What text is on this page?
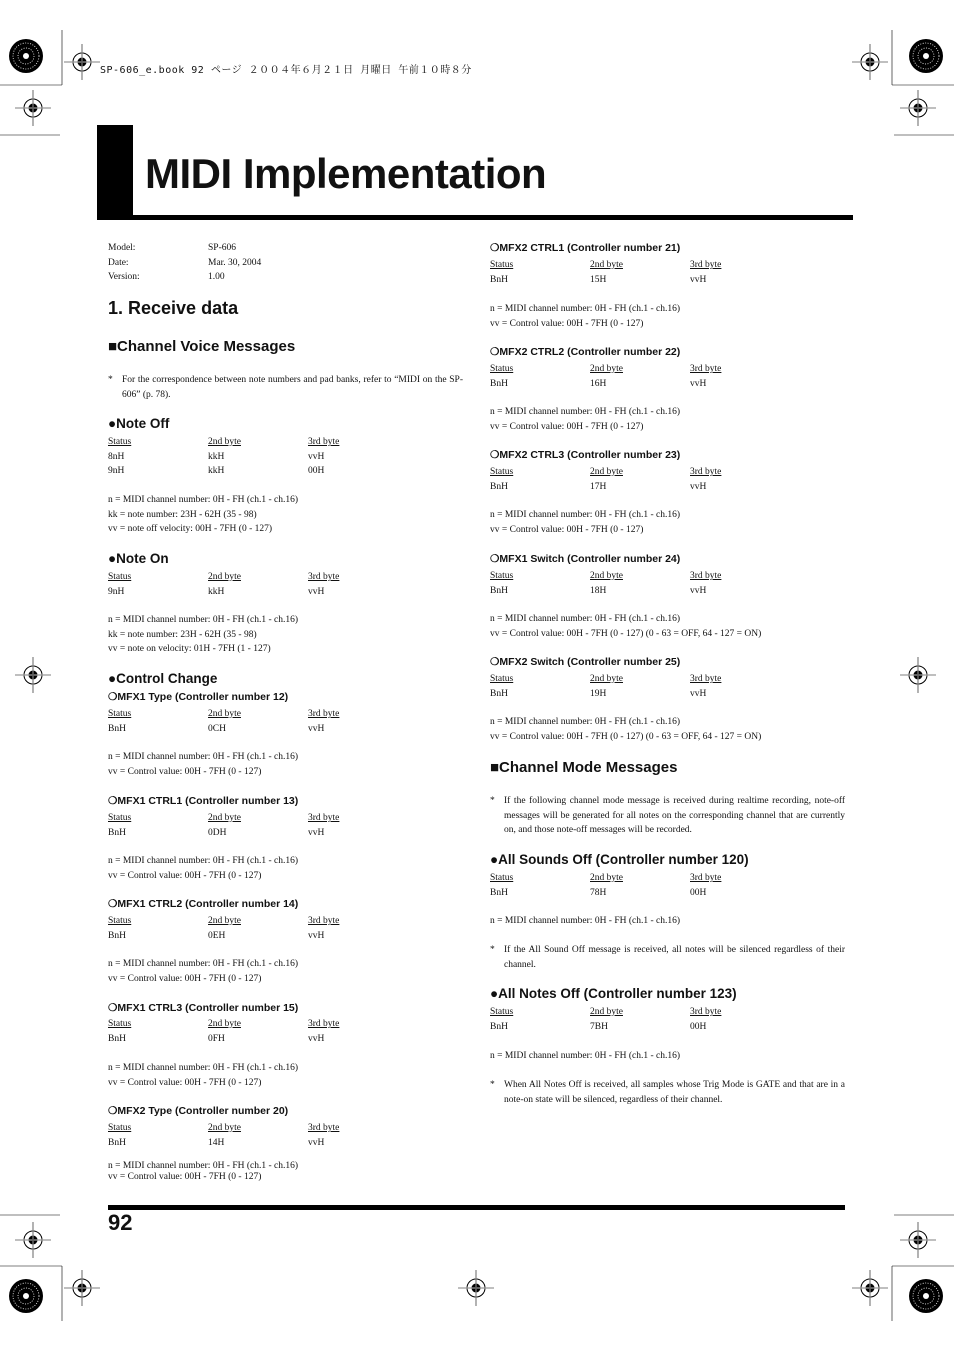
SP-606_e.book 92 ページ ２００４年６月２１日 月曜日 午前１０時８分
MIDI Implementation
Model:	SP-606
Date:	Mar. 30, 2004
Version:	1.00
1. Receive data
■Channel Voice Messages
* For the correspondence between note numbers and pad banks, refer to “MIDI on the SP-606” (p. 78).
●Note Off
Status	2nd byte	3rd byte
8nH	kkH	vvH
9nH	kkH	00H
n = MIDI channel number: 0H - FH (ch.1 - ch.16)
kk = note number: 23H - 62H (35 - 98)
vv = note off velocity: 00H - 7FH (0 - 127)
●Note On
Status	2nd byte	3rd byte
9nH	kkH	vvH
n = MIDI channel number: 0H - FH (ch.1 - ch.16)
kk = note number: 23H - 62H (35 - 98)
vv = note on velocity: 01H - 7FH (1 - 127)
●Control Change
❍MFX1 Type (Controller number 12)
Status	2nd byte	3rd byte
BnH	0CH	vvH
n = MIDI channel number: 0H - FH (ch.1 - ch.16)
vv = Control value: 00H - 7FH (0 - 127)
❍MFX1 CTRL1 (Controller number 13)
Status	2nd byte	3rd byte
BnH	0DH	vvH
n = MIDI channel number: 0H - FH (ch.1 - ch.16)
vv = Control value: 00H - 7FH (0 - 127)
❍MFX1 CTRL2 (Controller number 14)
Status	2nd byte	3rd byte
BnH	0EH	vvH
n = MIDI channel number: 0H - FH (ch.1 - ch.16)
vv = Control value: 00H - 7FH (0 - 127)
❍MFX1 CTRL3 (Controller number 15)
Status	2nd byte	3rd byte
BnH	0FH	vvH
n = MIDI channel number: 0H - FH (ch.1 - ch.16)
vv = Control value: 00H - 7FH (0 - 127)
❍MFX2 Type (Controller number 20)
Status	2nd byte	3rd byte
BnH	14H	vvH
n = MIDI channel number: 0H - FH (ch.1 - ch.16)
vv = Control value: 00H - 7FH (0 - 127)
❍MFX2 CTRL1 (Controller number 21)
Status	2nd byte	3rd byte
BnH	15H	vvH
n = MIDI channel number: 0H - FH (ch.1 - ch.16)
vv = Control value: 00H - 7FH (0 - 127)
❍MFX2 CTRL2 (Controller number 22)
Status	2nd byte	3rd byte
BnH	16H	vvH
n = MIDI channel number: 0H - FH (ch.1 - ch.16)
vv = Control value: 00H - 7FH (0 - 127)
❍MFX2 CTRL3 (Controller number 23)
Status	2nd byte	3rd byte
BnH	17H	vvH
n = MIDI channel number: 0H - FH (ch.1 - ch.16)
vv = Control value: 00H - 7FH (0 - 127)
❍MFX1 Switch (Controller number 24)
Status	2nd byte	3rd byte
BnH	18H	vvH
n = MIDI channel number: 0H - FH (ch.1 - ch.16)
vv = Control value: 00H - 7FH (0 - 127) (0 - 63 = OFF, 64 - 127 = ON)
❍MFX2 Switch (Controller number 25)
Status	2nd byte	3rd byte
BnH	19H	vvH
n = MIDI channel number: 0H - FH (ch.1 - ch.16)
vv = Control value: 00H - 7FH (0 - 127) (0 - 63 = OFF, 64 - 127 = ON)
■Channel Mode Messages
* If the following channel mode message is received during realtime recording, note-off messages will be generated for all notes on the corresponding channel that are currently on, and those note-off messages will be recorded.
●All Sounds Off (Controller number 120)
Status	2nd byte	3rd byte
BnH	78H	00H
n = MIDI channel number: 0H - FH (ch.1 - ch.16)
* If the All Sound Off message is received, all notes will be silenced regardless of their channel.
●All Notes Off (Controller number 123)
Status	2nd byte	3rd byte
BnH	7BH	00H
n = MIDI channel number: 0H - FH (ch.1 - ch.16)
* When All Notes Off is received, all samples whose Trig Mode is GATE and that are in a note-on state will be silenced, regardless of their channel.
92
